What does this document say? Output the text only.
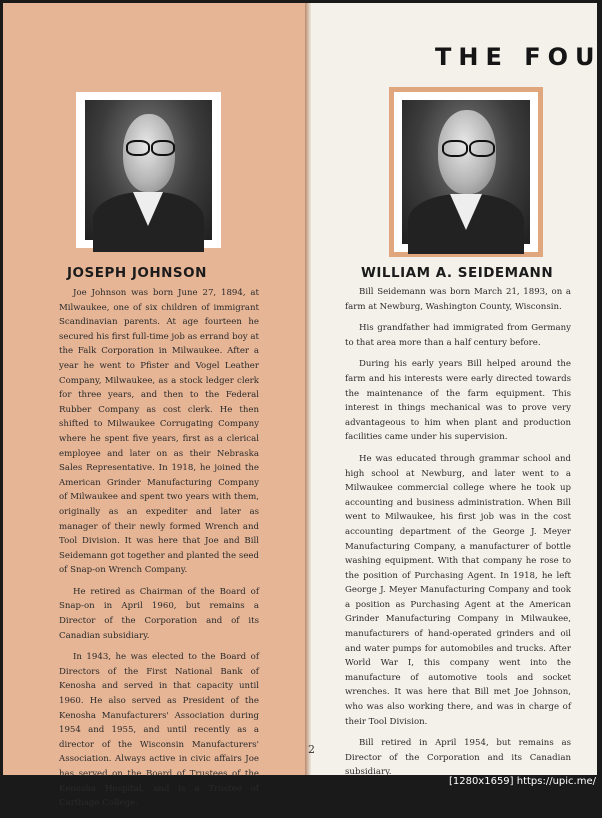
JOSEPH JOHNSON

Joe Johnson was born June 27, 1894, at Milwaukee, one of six children of immigrant Scandinavian parents. At age fourteen he secured his first full-time job as errand boy at the Falk Corporation in Milwaukee. After a year he went to Pfister and Vogel Leather Company, Milwaukee, as a stock ledger clerk for three years, and then to the Federal Rubber Company as cost clerk. He then shifted to Milwaukee Corrugating Company where he spent five years, first as a clerical employee and later on as their Nebraska Sales Representative. In 1918, he joined the American Grinder Manufacturing Company of Milwaukee and spent two years with them, originally as an expediter and later as manager of their newly formed Wrench and Tool Division. It was here that Joe and Bill Seidemann got together and planted the seed of Snap-on Wrench Company.

He retired as Chairman of the Board of Snap-on in April 1960, but remains a Director of the Corporation and of its Canadian subsidiary.

In 1943, he was elected to the Board of Directors of the First National Bank of Kenosha and served in that capacity until 1960. He also served as President of the Kenosha Manufacturers' Association during 1954 and 1955, and until recently as a director of the Wisconsin Manufacturers' Association. Always active in civic affairs Joe has served on the Board of Trustees of the Kenosha Hospital, and is a Trustee of Carthage College.

THE FOU
WILLIAM A. SEIDEMANN

Bill Seidemann was born March 21, 1893, on a farm at Newburg, Washington County, Wisconsin.

His grandfather had immigrated from Germany to that area more than a half century before.

During his early years Bill helped around the farm and his interests were early directed towards the maintenance of the farm equipment. This interest in things mechanical was to prove very advantageous to him when plant and production facilities came under his supervision.

He was educated through grammar school and high school at Newburg, and later went to a Milwaukee commercial college where he took up accounting and business administration. When Bill went to Milwaukee, his first job was in the cost accounting department of the George J. Meyer Manufacturing Company, a manufacturer of bottle washing equipment. With that company he rose to the position of Purchasing Agent. In 1918, he left George J. Meyer Manufacturing Company and took a position as Purchasing Agent at the American Grinder Manufacturing Company in Milwaukee, manufacturers of hand-operated grinders and oil and water pumps for automobiles and trucks. After World War I, this company went into the manufacture of automotive tools and socket wrenches. It was here that Bill met Joe Johnson, who was also working there, and was in charge of their Tool Division.

Bill retired in April 1954, but remains as Director of the Corporation and its Canadian subsidiary.

2
[1280x1659] https://upic.me/
